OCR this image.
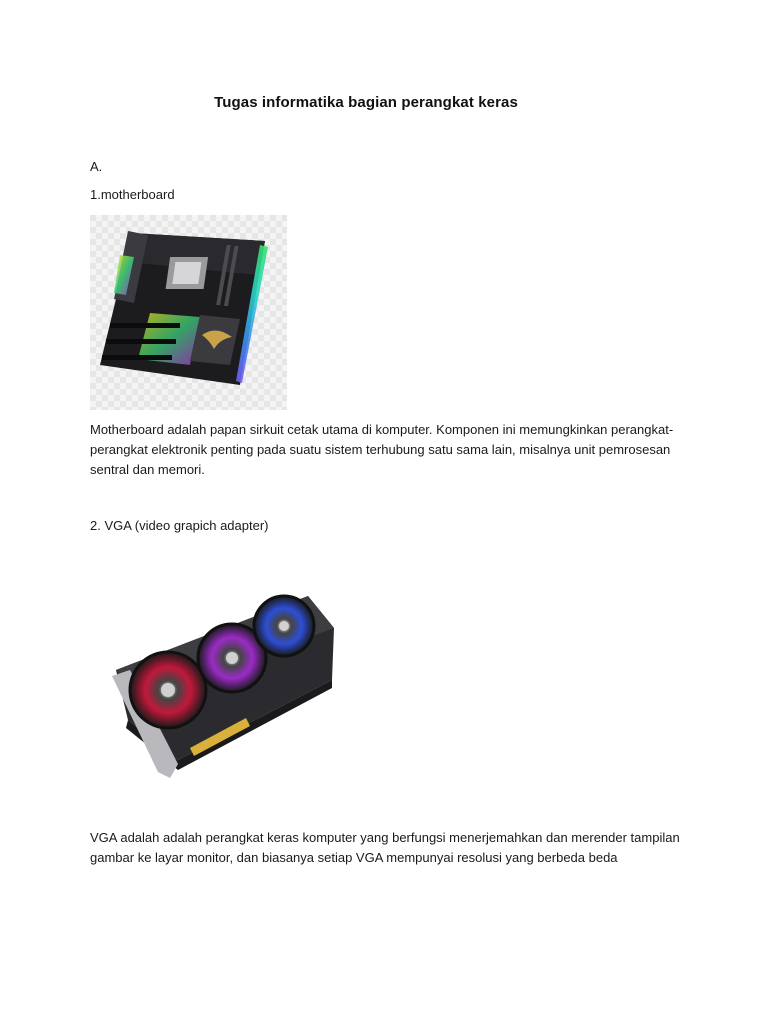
Tugas informatika bagian perangkat keras
A.
1.motherboard
Motherboard adalah papan sirkuit cetak utama di komputer. Komponen ini memungkinkan perangkat-perangkat elektronik penting pada suatu sistem terhubung satu sama lain, misalnya unit pemrosesan sentral dan memori.
2. VGA (video grapich adapter)
VGA adalah adalah perangkat keras komputer yang berfungsi menerjemahkan dan merender tampilan gambar ke layar monitor, dan biasanya setiap VGA mempunyai resolusi yang berbeda beda
